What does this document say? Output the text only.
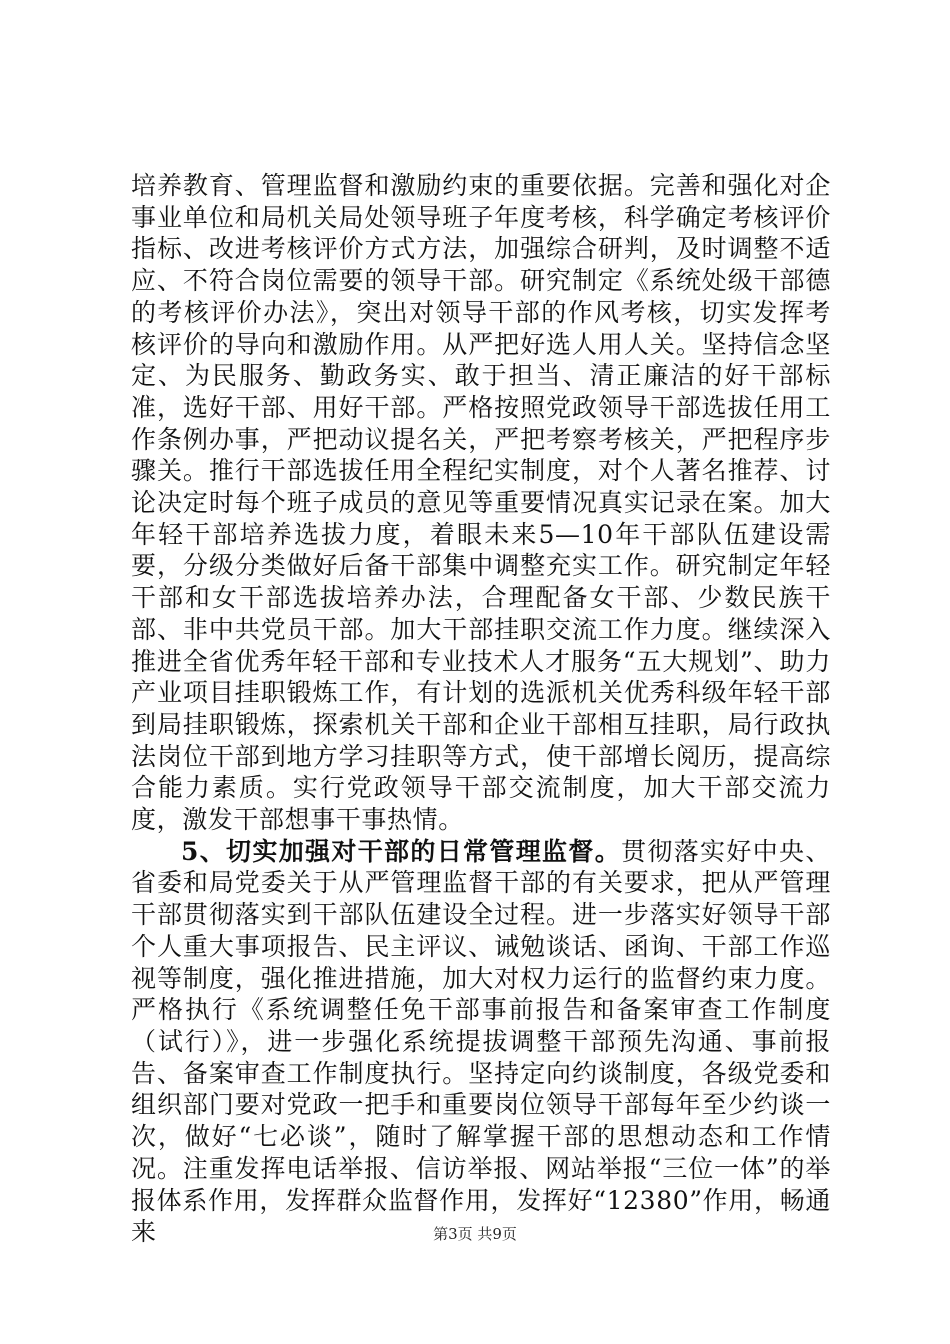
培养教育、管理监督和激励约束的重要依据。完善和强化对企事业单位和局机关局处领导班子年度考核，科学确定考核评价指标、改进考核评价方式方法，加强综合研判，及时调整不适应、不符合岗位需要的领导干部。研究制定《系统处级干部德的考核评价办法》，突出对领导干部的作风考核，切实发挥考核评价的导向和激励作用。从严把好选人用人关。坚持信念坚定、为民服务、勤政务实、敢于担当、清正廉洁的好干部标准，选好干部、用好干部。严格按照党政领导干部选拔任用工作条例办事，严把动议提名关，严把考察考核关，严把程序步骤关。推行干部选拔任用全程纪实制度，对个人著名推荐、讨论决定时每个班子成员的意见等重要情况真实记录在案。加大年轻干部培养选拔力度，着眼未来5—10年干部队伍建设需要，分级分类做好后备干部集中调整充实工作。研究制定年轻干部和女干部选拔培养办法，合理配备女干部、少数民族干部、非中共党员干部。加大干部挂职交流工作力度。继续深入推进全省优秀年轻干部和专业技术人才服务“五大规划”、助力产业项目挂职锻炼工作，有计划的选派机关优秀科级年轻干部到局挂职锻炼，探索机关干部和企业干部相互挂职，局行政执法岗位干部到地方学习挂职等方式，使干部增长阅历，提高综合能力素质。实行党政领导干部交流制度，加大干部交流力度，激发干部想事干事热情。

5、切实加强对干部的日常管理监督。贯彻落实好中央、省委和局党委关于从严管理监督干部的有关要求，把从严管理干部贯彻落实到干部队伍建设全过程。进一步落实好领导干部个人重大事项报告、民主评议、诫勉谈话、函询、干部工作巡视等制度，强化推进措施，加大对权力运行的监督约束力度。严格执行《系统调整任免干部事前报告和备案审查工作制度（试行）》，进一步强化系统提拔调整干部预先沟通、事前报告、备案审查工作制度执行。坚持定向约谈制度，各级党委和组织部门要对党政一把手和重要岗位领导干部每年至少约谈一次，做好“七必谈”，随时了解掌握干部的思想动态和工作情况。注重发挥电话举报、信访举报、网站举报“三位一体”的举报体系作用，发挥群众监督作用，发挥好“12380”作用，畅通来	第3页 共9页
